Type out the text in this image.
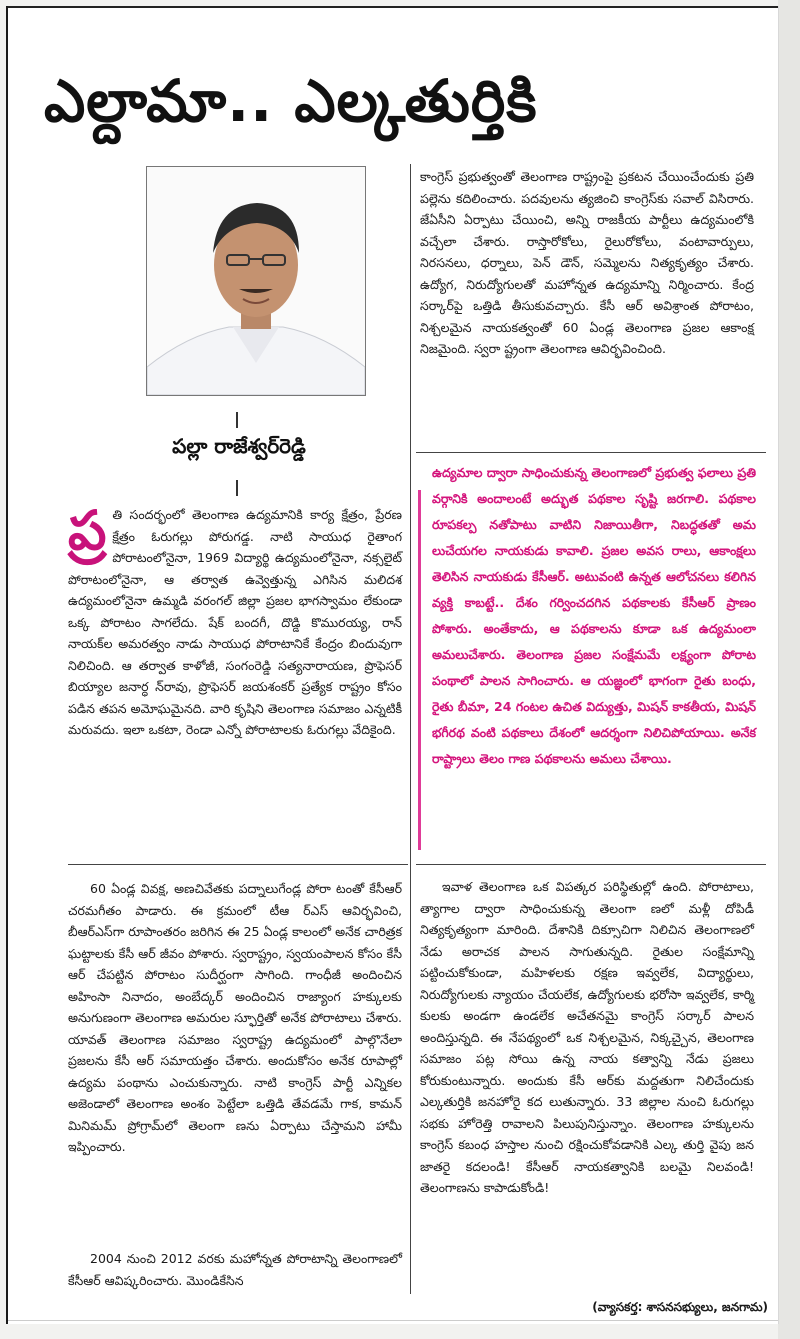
ఎల్దామా.. ఎల్కతుర్తికి
పల్లా రాజేశ్వర్‌రెడ్డి

ప్ర తి సందర్భంలో తెలంగాణ ఉద్యమానికి కార్య క్షేత్రం, ప్రేరణ క్షేత్రం ఓరుగల్లు పోరుగడ్డ. నాటి సాయుధ రైతాంగ పోరాటంలోనైనా, 1969 విద్యార్థి ఉద్యమంలోనైనా, నక్సలైట్‌ పోరాటంలోనైనా, ఆ తర్వాత ఉవ్వెత్తున్న ఎగిసిన మలిదశ ఉద్యమంలోనైనా ఉమ్మడి వరంగల్‌ జిల్లా ప్రజల భాగస్వామం లేకుండా ఒక్క పోరాటం సాగలేదు. షేక్‌ బందగీ, దొడ్డి కొమురయ్య, రాన్‌ నాయక్‌ల అమరత్వం నాడు సాయుధ పోరాటానికే కేంద్రం బిందువుగా నిలిచింది. ఆ తర్వాత కాళోజీ, సంగంరెడ్డి సత్యనారాయణ, ప్రొఫెసర్‌ బియ్యాల జనార్ధ న్‌రావు, ప్రొఫెసర్‌ జయశంకర్‌ ప్రత్యేక రాష్ట్రం కోసం పడిన తపన అమోఘమైనది. వారి కృషిని తెలంగాణ సమాజం ఎన్నటికీ మరువదు. ఇలా ఒకటా, రెండా ఎన్నో పోరాటాలకు ఓరుగల్లు వేదికైంది.

60 ఏండ్ల వివక్ష, అణచివేతకు పద్నాలుగేండ్ల పోరా టంతో కేసీఆర్‌ చరమగీతం పాడారు. ఈ క్రమంలో టీఆ ర్‌ఎస్‌ ఆవిర్భవించి, బీఆర్‌ఎస్‌గా రూపాంతరం జరిగిన ఈ 25 ఏండ్ల కాలంలో అనేక చారిత్రక ఘట్టాలకు కేసీ ఆర్‌ జీవం పోశారు. స్వరాష్ట్రం, స్వయంపాలన కోసం కేసీ ఆర్‌ చేపట్టిన పోరాటం సుదీర్ఘంగా సాగింది. గాంధీజీ అందించిన అహింసా నినాదం, అంబేద్కర్‌ అందించిన రాజ్యాంగ హక్కులకు అనుగుణంగా తెలంగాణ అమరుల స్ఫూర్తితో అనేక పోరాటాలు చేశారు. యావత్‌ తెలంగాణ సమాజం స్వరాష్ట్ర ఉద్యమంలో పాల్గొనేలా ప్రజలను కేసీ ఆర్‌ సమాయత్తం చేశారు. అందుకోసం అనేక రూపాల్లో ఉద్యమ పంథాను ఎంచుకున్నారు. నాటి కాంగ్రెస్‌ పార్టీ ఎన్నికల అజెండాలో తెలంగాణ అంశం పెట్టేలా ఒత్తిడి తేవడమే గాక, కామన్‌ మినిమమ్‌ ప్రోగ్రామ్‌లో తెలంగా ణను ఏర్పాటు చేస్తామని హామీ ఇప్పించారు.

2004 నుంచి 2012 వరకు మహోన్నత పోరాటాన్ని తెలంగాణలో కేసీఆర్‌ ఆవిష్కరించారు. మొండికేసిన

కాంగ్రెస్‌ ప్రభుత్వంతో తెలంగాణ రాష్ట్రంపై ప్రకటన చేయించేందుకు ప్రతి పల్లెను కదిలించారు. పదవులను త్యజించి కాంగ్రెస్‌కు సవాల్‌ విసిరారు. జేఏసీని ఏర్పాటు చేయించి, అన్ని రాజకీయ పార్టీలు ఉద్యమంలోకి వచ్చేలా చేశారు. రాస్తారోకోలు, రైలురోకోలు, వంటావార్పులు, నిరసనలు, ధర్నాలు, పెన్‌ డౌన్‌, సమ్మెలను నిత్యకృత్యం చేశారు. ఉద్యోగ, నిరుద్యోగులతో మహోన్నత ఉద్యమాన్ని నిర్మించారు. కేంద్ర సర్కార్‌పై ఒత్తిడి తీసుకువచ్చారు. కేసీ ఆర్‌ అవిశ్రాంత పోరాటం, నిశ్చలమైన నాయకత్వంతో 60 ఏండ్ల తెలంగాణ ప్రజల ఆకాంక్ష నిజమైంది. స్వరా ష్ట్రంగా తెలంగాణ ఆవిర్భవించింది.

ఉద్యమాల ద్వారా సాధించుకున్న తెలంగాణలో ప్రభుత్వ ఫలాలు ప్రతి వర్గానికి అందాలంటే అద్భుత పథకాల సృష్టి జరగాలి. పథకాల రూపకల్ప నతోపాటు వాటిని నిజాయితీగా, నిబద్ధతతో అమ లుచేయగల నాయకుడు కావాలి. ప్రజల అవస రాలు, ఆకాంక్షలు తెలిసిన నాయకుడు కేసీఆర్‌. అటువంటి ఉన్నత ఆలోచనలు కలిగిన వ్యక్తి కాబట్టే.. దేశం గర్వించదగిన పథకాలకు కేసీఆర్‌ ప్రాణం పోశారు. అంతేకాదు, ఆ పథకాలను కూడా ఒక ఉద్యమంలా అమలుచేశారు. తెలంగాణ ప్రజల సంక్షేమమే లక్ష్యంగా పోరాట పంథాలో పాలన సాగించారు. ఆ యజ్ఞంలో భాగంగా రైతు బంధు, రైతు బీమా, 24 గంటల ఉచిత విద్యుత్తు, మిషన్‌ కాకతీయ, మిషన్‌ భగీరథ వంటి పథకాలు దేశంలో ఆదర్శంగా నిలిచిపోయాయి. అనేక రాష్ట్రాలు తెలం గాణ పథకాలను అమలు చేశాయి.

ఇవాళ తెలంగాణ ఒక విపత్కర పరిస్థితుల్లో ఉంది. పోరాటాలు, త్యాగాల ద్వారా సాధించుకున్న తెలంగా ణలో మళ్లీ దోపిడీ నిత్యకృత్యంగా మారింది. దేశానికి దిక్సూచిగా నిలిచిన తెలంగాణలో నేడు అరాచక పాలన సాగుతున్నది. రైతుల సంక్షేమాన్ని పట్టించుకోకుండా, మహిళలకు రక్షణ ఇవ్వలేక, విద్యార్థులు, నిరుద్యోగులకు న్యాయం చేయలేక, ఉద్యోగులకు భరోసా ఇవ్వలేక, కార్మి కులకు అండగా ఉండలేక అచేతనమై కాంగ్రెస్‌ సర్కార్‌ పాలన అందిస్తున్నది. ఈ నేపథ్యంలో ఒక నిశ్చలమైన, నిక్కచ్చైన, తెలంగాణ సమాజం పట్ల సోయి ఉన్న నాయ కత్వాన్ని నేడు ప్రజలు కోరుకుంటున్నారు. అందుకు కేసీ ఆర్‌కు మద్దతుగా నిలిచేందుకు ఎల్కతుర్తికి జనహోరై కద లుతున్నారు. 33 జిల్లాల నుంచి ఓరుగల్లు సభకు హోరెత్తి రావాలని పిలుపునిస్తున్నాం. తెలంగాణ హక్కులను కాంగ్రెస్‌ కబంధ హస్తాల నుంచి రక్షించుకోవడానికి ఎల్క తుర్తి వైపు జన జాతరై కదలండి! కేసీఆర్‌ నాయకత్వానికి బలమై నిలవండి! తెలంగాణను కాపాడుకోండి!

(వ్యాసకర్త: శాసనసభ్యులు, జనగామ)
